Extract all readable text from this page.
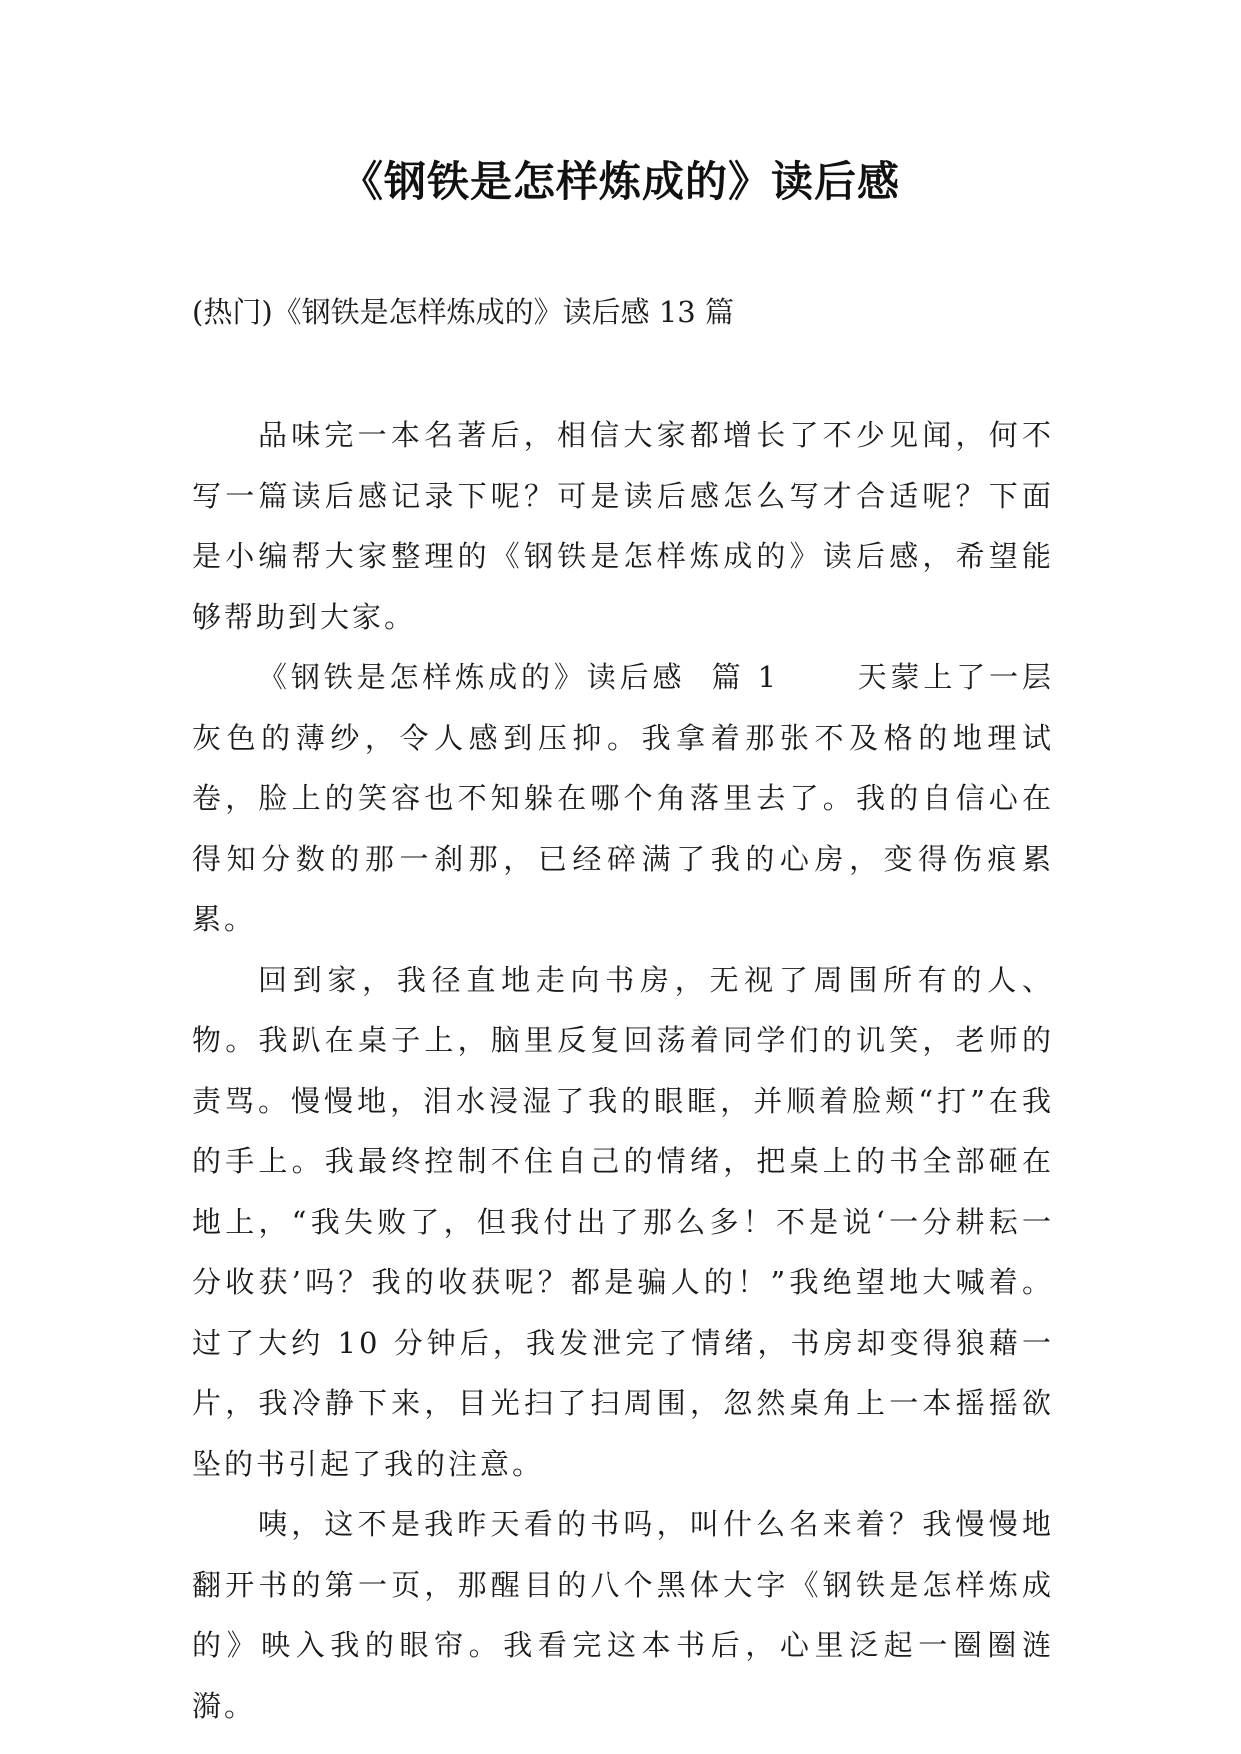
《钢铁是怎样炼成的》读后感
(热门)《钢铁是怎样炼成的》读后感 13 篇

品味完一本名著后，相信大家都增长了不少见闻，何不写一篇读后感记录下呢？可是读后感怎么写才合适呢？下面是小编帮大家整理的《钢铁是怎样炼成的》读后感，希望能够帮助到大家。

《钢铁是怎样炼成的》读后感  篇 1	天蒙上了一层灰色的薄纱，令人感到压抑。我拿着那张不及格的地理试卷，脸上的笑容也不知躲在哪个角落里去了。我的自信心在得知分数的那一刹那，已经碎满了我的心房，变得伤痕累累。

回到家，我径直地走向书房，无视了周围所有的人、物。我趴在桌子上，脑里反复回荡着同学们的讥笑，老师的责骂。慢慢地，泪水浸湿了我的眼眶，并顺着脸颊“打”在我的手上。我最终控制不住自己的情绪，把桌上的书全部砸在地上，“我失败了，但我付出了那么多！不是说‘一分耕耘一分收获’吗？我的收获呢？都是骗人的！”我绝望地大喊着。过了大约 10 分钟后，我发泄完了情绪，书房却变得狼藉一片，我冷静下来，目光扫了扫周围，忽然桌角上一本摇摇欲坠的书引起了我的注意。

咦，这不是我昨天看的书吗，叫什么名来着？我慢慢地翻开书的第一页，那醒目的八个黑体大字《钢铁是怎样炼成的》映入我的眼帘。我看完这本书后，心里泛起一圈圈涟漪。
